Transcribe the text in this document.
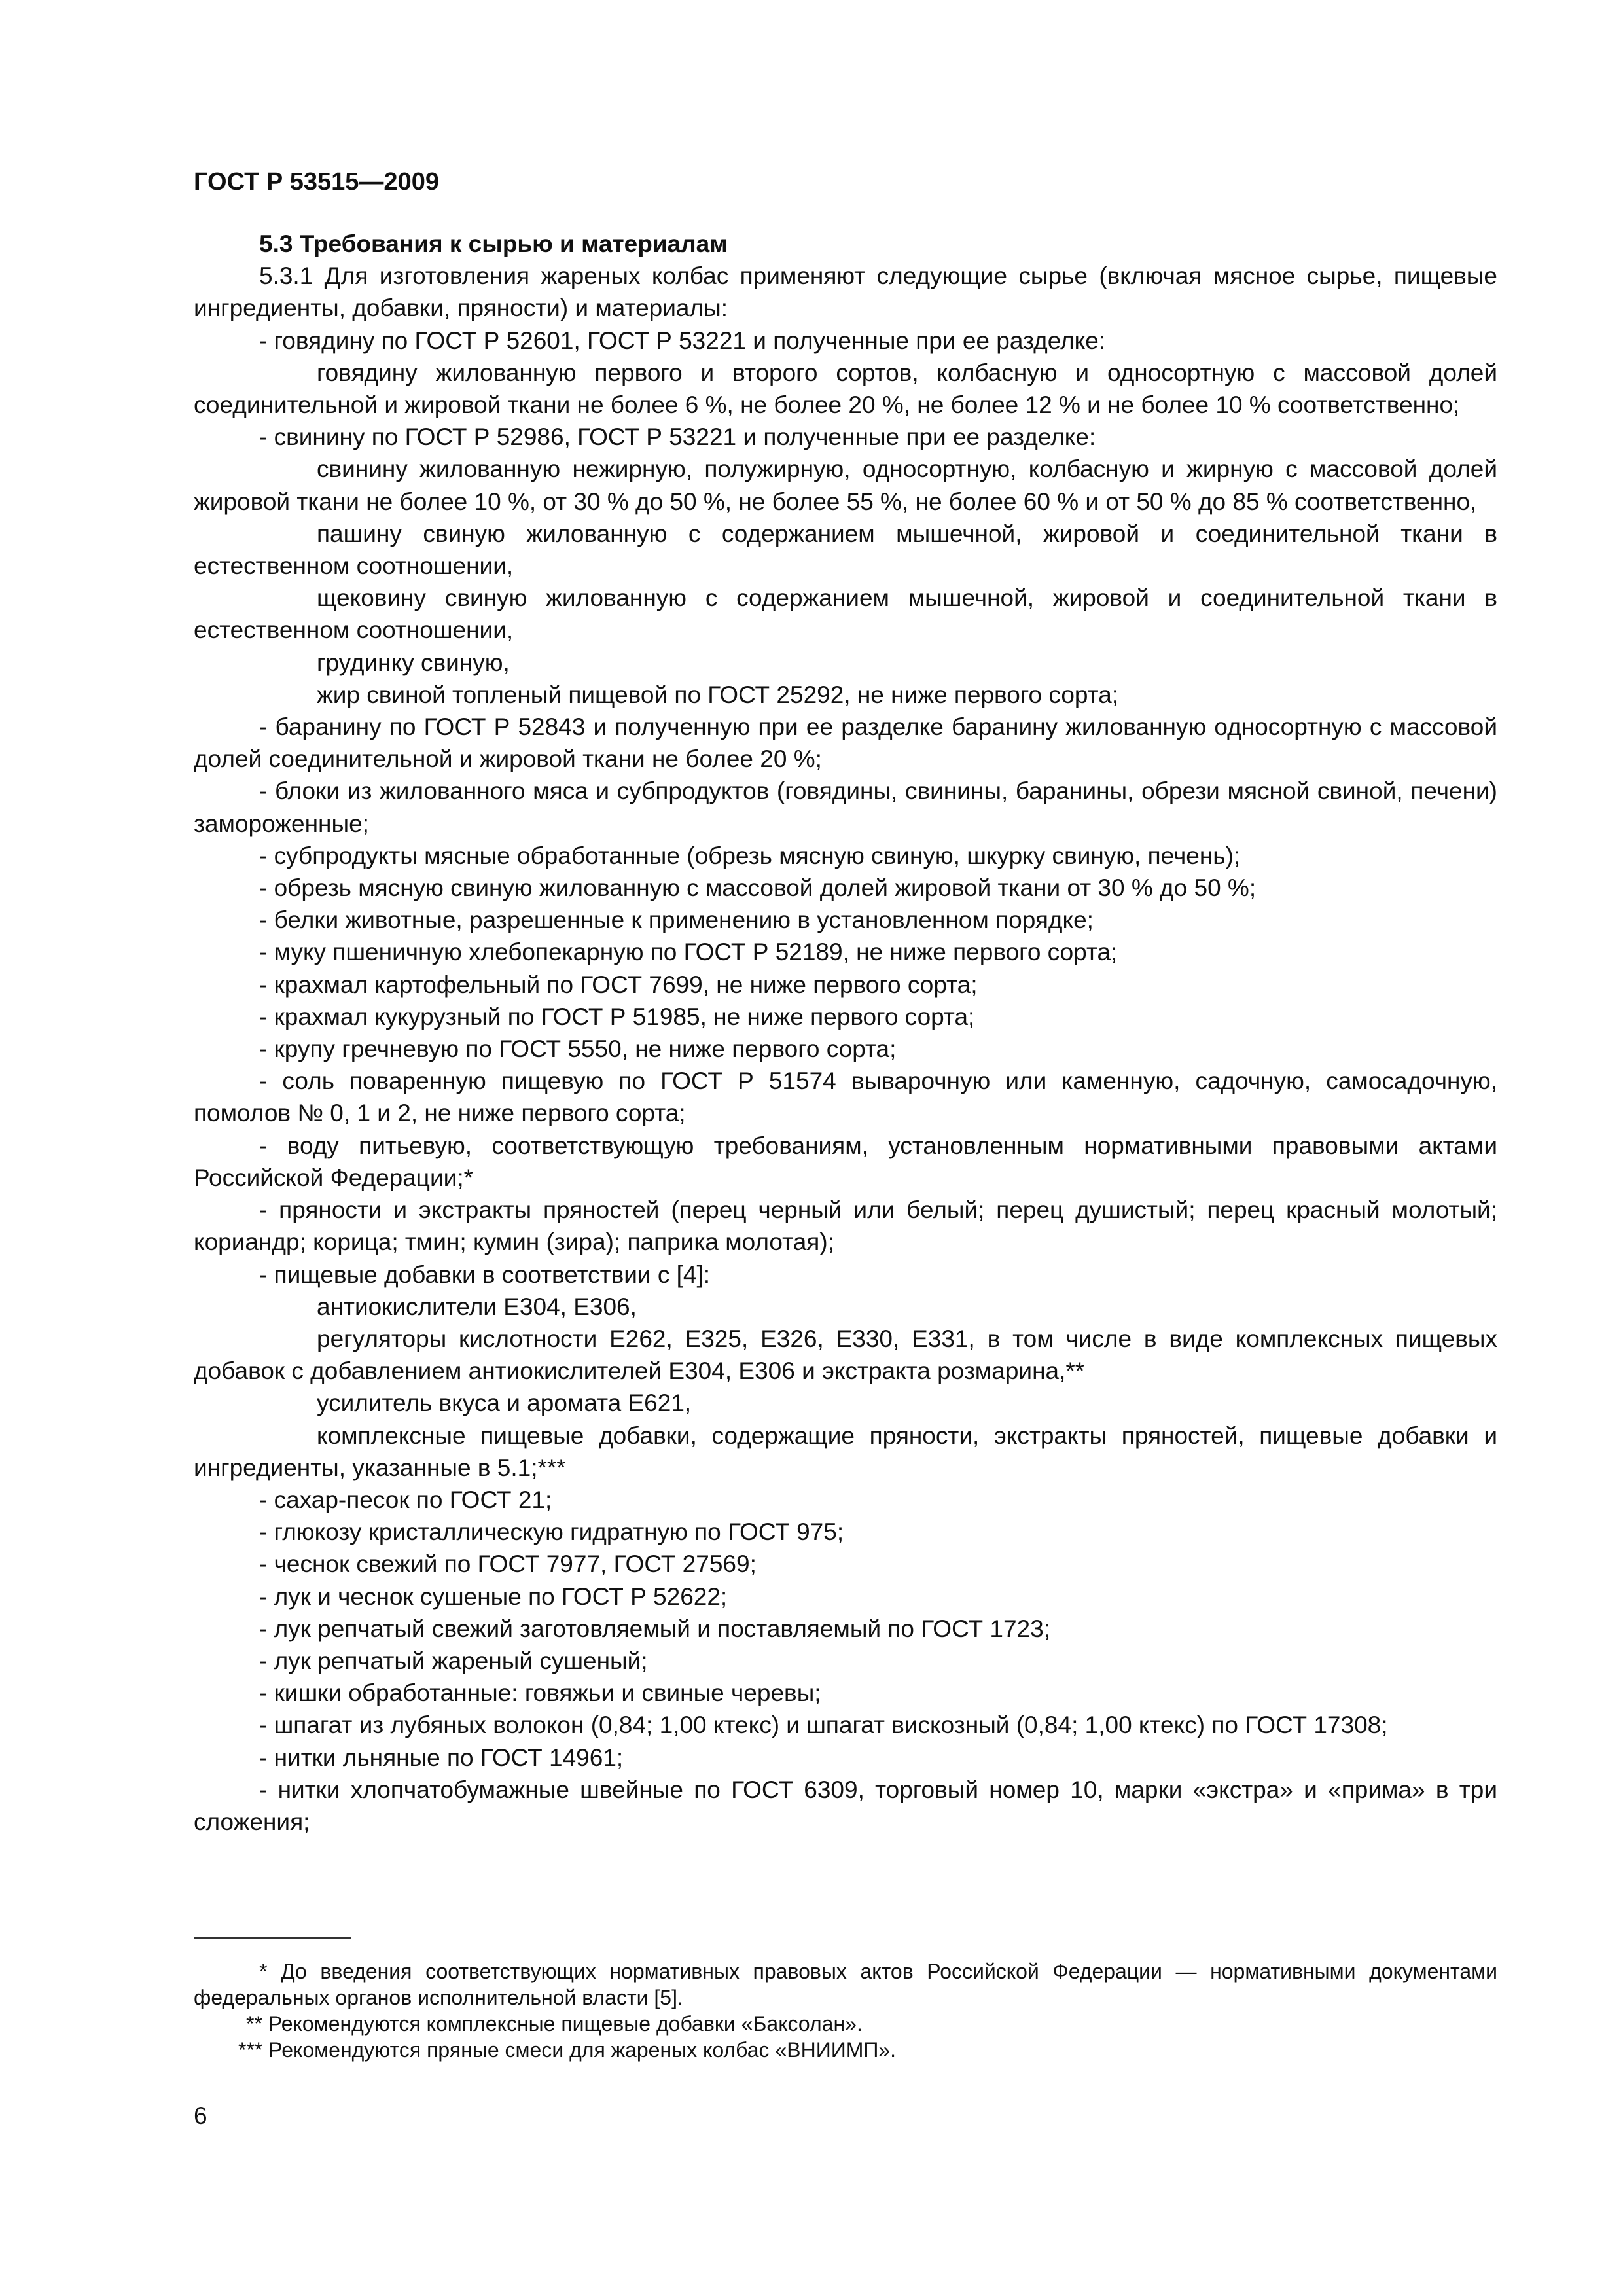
ГОСТ Р 53515—2009
5.3 Требования к сырью и материалам

5.3.1 Для изготовления жареных колбас применяют следующие сырье (включая мясное сырье, пищевые ингредиенты, добавки, пряности) и материалы:

- говядину по ГОСТ Р 52601, ГОСТ Р 53221 и полученные при ее разделке:

говядину жилованную первого и второго сортов, колбасную и односортную с массовой долей соединительной и жировой ткани не более 6 %, не более 20 %, не более 12 % и не более 10 % соответственно;

- свинину по ГОСТ Р 52986, ГОСТ Р 53221 и полученные при ее разделке:

свинину жилованную нежирную, полужирную, односортную, колбасную и жирную с массовой долей жировой ткани не более 10 %, от 30 % до 50 %, не более 55 %, не более 60 % и от 50 % до 85 % соответственно,

пашину свиную жилованную с содержанием мышечной, жировой и соединительной ткани в естественном соотношении,

щековину свиную жилованную с содержанием мышечной, жировой и соединительной ткани в естественном соотношении,

грудинку свиную,

жир свиной топленый пищевой по ГОСТ 25292, не ниже первого сорта;

- баранину по ГОСТ Р 52843 и полученную при ее разделке баранину жилованную односортную с массовой долей соединительной и жировой ткани не более 20 %;

- блоки из жилованного мяса и субпродуктов (говядины, свинины, баранины, обрези мясной свиной, печени) замороженные;

- субпродукты мясные обработанные (обрезь мясную свиную, шкурку свиную, печень);

- обрезь мясную свиную жилованную с массовой долей жировой ткани от 30 % до 50 %;

- белки животные, разрешенные к применению в установленном порядке;

- муку пшеничную хлебопекарную по ГОСТ Р 52189, не ниже первого сорта;

- крахмал картофельный по ГОСТ 7699, не ниже первого сорта;

- крахмал кукурузный по ГОСТ Р 51985, не ниже первого сорта;

- крупу гречневую по ГОСТ 5550, не ниже первого сорта;

- соль поваренную пищевую по ГОСТ Р 51574 выварочную или каменную, садочную, самосадочную, помолов № 0, 1 и 2, не ниже первого сорта;

- воду питьевую, соответствующую требованиям, установленным нормативными правовыми актами Российской Федерации;*

- пряности и экстракты пряностей (перец черный или белый; перец душистый; перец красный молотый; кориандр; корица; тмин; кумин (зира); паприка молотая);

- пищевые добавки в соответствии с [4]:

антиокислители Е304, Е306,

регуляторы кислотности Е262, Е325, Е326, Е330, Е331, в том числе в виде комплексных пищевых добавок с добавлением антиокислителей Е304, Е306 и экстракта розмарина,**

усилитель вкуса и аромата Е621,

комплексные пищевые добавки, содержащие пряности, экстракты пряностей, пищевые добавки и ингредиенты, указанные в 5.1;***

- сахар-песок по ГОСТ 21;

- глюкозу кристаллическую гидратную по ГОСТ 975;

- чеснок свежий по ГОСТ 7977, ГОСТ 27569;

- лук и чеснок сушеные по ГОСТ Р 52622;

- лук репчатый свежий заготовляемый и поставляемый по ГОСТ 1723;

- лук репчатый жареный сушеный;

- кишки обработанные: говяжьи и свиные черевы;

- шпагат из лубяных волокон (0,84; 1,00 ктекс) и шпагат вискозный (0,84; 1,00 ктекс) по ГОСТ 17308;

- нитки льняные по ГОСТ 14961;

- нитки хлопчатобумажные швейные по ГОСТ 6309, торговый номер 10, марки «экстра» и «прима» в три сложения;

* До введения соответствующих нормативных правовых актов Российской Федерации — нормативными документами федеральных органов исполнительной власти [5].

** Рекомендуются комплексные пищевые добавки «Баксолан».

*** Рекомендуются пряные смеси для жареных колбас «ВНИИМП».

6
